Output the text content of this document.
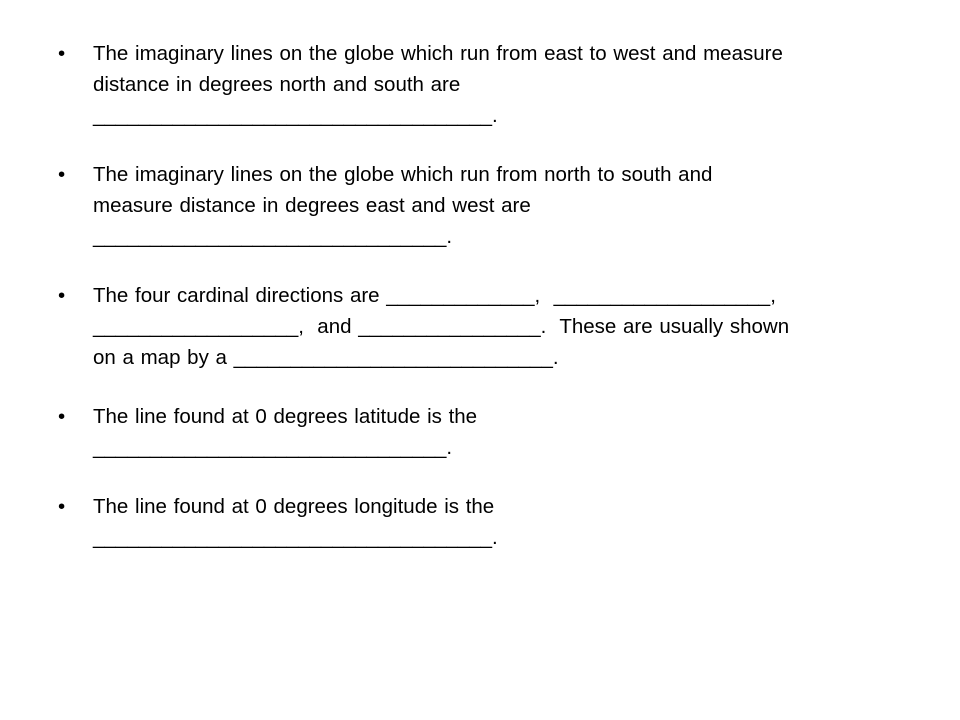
•	The imaginary lines on the globe which run from east to west and measure
distance in degrees north and south are
___________________________________.
•	The imaginary lines on the globe which run from north to south and
measure distance in degrees east and west are
_______________________________.
•	The four cardinal directions are _____________,  ___________________,
__________________,  and ________________.  These are usually shown
on a map by a ____________________________.
•	The line found at 0 degrees latitude is the
_______________________________.
•	The line found at 0 degrees longitude is the
___________________________________.
